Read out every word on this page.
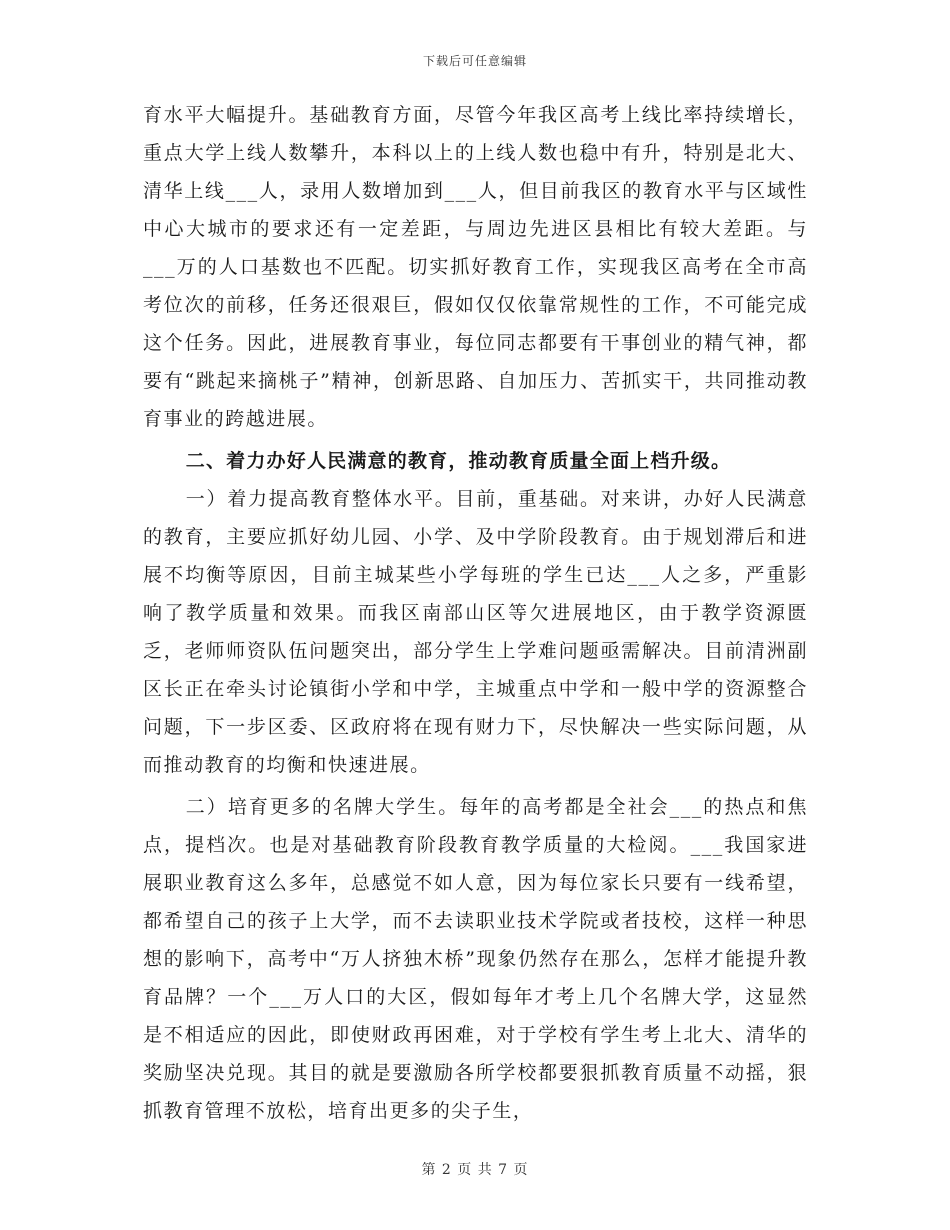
下载后可任意编辑

育水平大幅提升。基础教育方面，尽管今年我区高考上线比率持续增长，重点大学上线人数攀升，本科以上的上线人数也稳中有升，特别是北大、清华上线___人，录用人数增加到___人，但目前我区的教育水平与区域性中心大城市的要求还有一定差距，与周边先进区县相比有较大差距。与___万的人口基数也不匹配。切实抓好教育工作，实现我区高考在全市高考位次的前移，任务还很艰巨，假如仅仅依靠常规性的工作，不可能完成这个任务。因此，进展教育事业，每位同志都要有干事创业的精气神，都要有“跳起来摘桃子”精神，创新思路、自加压力、苦抓实干，共同推动教育事业的跨越进展。

二、着力办好人民满意的教育，推动教育质量全面上档升级。

一）着力提高教育整体水平。目前，重基础。对来讲，办好人民满意的教育，主要应抓好幼儿园、小学、及中学阶段教育。由于规划滞后和进展不均衡等原因，目前主城某些小学每班的学生已达___人之多，严重影响了教学质量和效果。而我区南部山区等欠进展地区，由于教学资源匮乏，老师师资队伍问题突出，部分学生上学难问题亟需解决。目前清洲副区长正在牵头讨论镇街小学和中学，主城重点中学和一般中学的资源整合问题，下一步区委、区政府将在现有财力下，尽快解决一些实际问题，从而推动教育的均衡和快速进展。

二）培育更多的名牌大学生。每年的高考都是全社会___的热点和焦点，提档次。也是对基础教育阶段教育教学质量的大检阅。___我国家进展职业教育这么多年，总感觉不如人意，因为每位家长只要有一线希望，都希望自己的孩子上大学，而不去读职业技术学院或者技校，这样一种思想的影响下，高考中“万人挤独木桥”现象仍然存在那么，怎样才能提升教育品牌？一个___万人口的大区，假如每年才考上几个名牌大学，这显然是不相适应的因此，即使财政再困难，对于学校有学生考上北大、清华的奖励坚决兑现。其目的就是要激励各所学校都要狠抓教育质量不动摇，狠抓教育管理不放松，培育出更多的尖子生，

第 2 页 共 7 页
